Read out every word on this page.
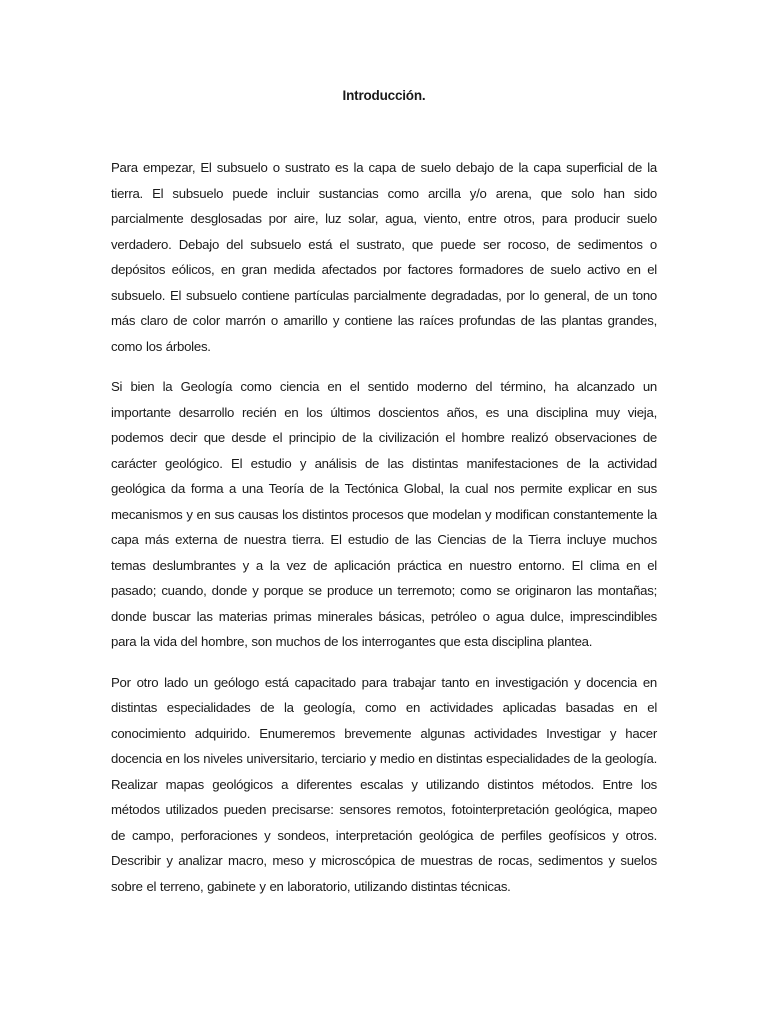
Introducción.

Para empezar, El subsuelo o sustrato es la capa de suelo debajo de la capa superficial de la tierra. El subsuelo puede incluir sustancias como arcilla y/o arena, que solo han sido parcialmente desglosadas por aire, luz solar, agua, viento, entre otros, para producir suelo verdadero. Debajo del subsuelo está el sustrato, que puede ser rocoso, de sedimentos o depósitos eólicos, en gran medida afectados por factores formadores de suelo activo en el subsuelo. El subsuelo contiene partículas parcialmente degradadas, por lo general, de un tono más claro de color marrón o amarillo y contiene las raíces profundas de las plantas grandes, como los árboles.

Si bien la Geología como ciencia en el sentido moderno del término, ha alcanzado un importante desarrollo recién en los últimos doscientos años, es una disciplina muy vieja, podemos decir que desde el principio de la civilización el hombre realizó observaciones de carácter geológico. El estudio y análisis de las distintas manifestaciones de la actividad geológica da forma a una Teoría de la Tectónica Global, la cual nos permite explicar en sus mecanismos y en sus causas los distintos procesos que modelan y modifican constantemente la capa más externa de nuestra tierra. El estudio de las Ciencias de la Tierra incluye muchos temas deslumbrantes y a la vez de aplicación práctica en nuestro entorno. El clima en el pasado; cuando, donde y porque se produce un terremoto; como se originaron las montañas; donde buscar las materias primas minerales básicas, petróleo o agua dulce, imprescindibles para la vida del hombre, son muchos de los interrogantes que esta disciplina plantea.

Por otro lado un geólogo está capacitado para trabajar tanto en investigación y docencia en distintas especialidades de la geología, como en actividades aplicadas basadas en el conocimiento adquirido. Enumeremos brevemente algunas actividades Investigar y hacer docencia en los niveles universitario, terciario y medio en distintas especialidades de la geología. Realizar mapas geológicos a diferentes escalas y utilizando distintos métodos. Entre los métodos utilizados pueden precisarse: sensores remotos, fotointerpretación geológica, mapeo de campo, perforaciones y sondeos, interpretación geológica de perfiles geofísicos y otros. Describir y analizar macro, meso y microscópica de muestras de rocas, sedimentos y suelos sobre el terreno, gabinete y en laboratorio, utilizando distintas técnicas.
